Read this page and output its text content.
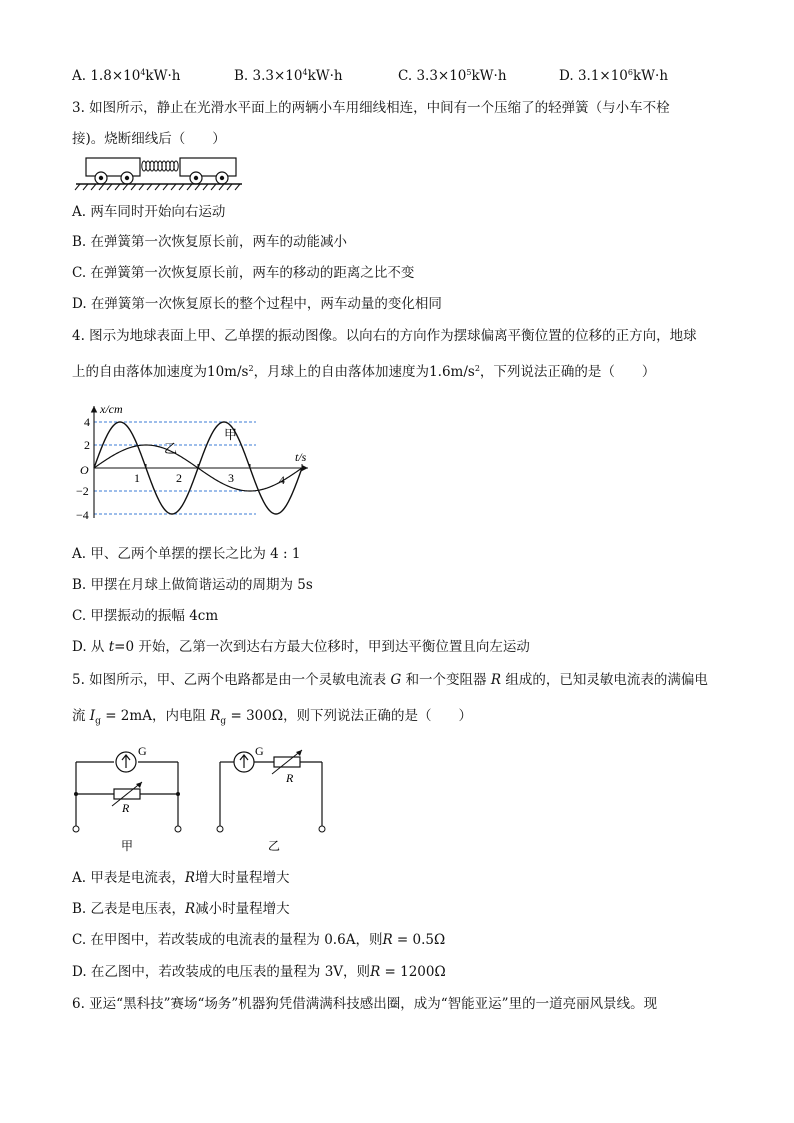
A. $1.8\times 10^4kW\cdot h$	B. $3.3\times 10^4kW\cdot h$	C. $3.3\times 10^5kW\cdot h$	D. $3.1\times 10^6kW\cdot h$
3. 如图所示，静止在光滑水平面上的两辆小车用细线相连，中间有一个压缩了的轻弹簧（与小车不栓
接)。烧断细线后（　　）
A. 两车同时开始向右运动
B. 在弹簧第一次恢复原长前，两车的动能减小
C. 在弹簧第一次恢复原长前，两车的移动的距离之比不变
D. 在弹簧第一次恢复原长的整个过程中，两车动量的变化相同
4. 图示为地球表面上甲、乙单摆的振动图像。以向右的方向作为摆球偏离平衡位置的位移的正方向，地球
上的自由落体加速度为$10m/s^2$，月球上的自由落体加速度为$1.6m/s^2$，下列说法正确的是（　　）
x/cm
t/s
O
4
2
−2
−4
1	2	3	4
甲
乙
A. 甲、乙两个单摆的摆长之比为 4 : 1
B. 甲摆在月球上做简谐运动的周期为 5s
C. 甲摆振动的振幅 4cm
D. 从 t=0 开始，乙第一次到达右方最大位移时，甲到达平衡位置且向左运动
5. 如图所示，甲、乙两个电路都是由一个灵敏电流表 G 和一个变阻器 R 组成的，已知灵敏电流表的满偏电
流 $I_g = 2mA$，内电阻 $R_g = 300\Omega$，则下列说法正确的是（　　）
G
R
甲
G
R
乙
A. 甲表是电流表，R增大时量程增大
B. 乙表是电压表，R减小时量程增大
C. 在甲图中，若改装成的电流表的量程为 0.6A，则R = 0.5Ω
D. 在乙图中，若改装成的电压表的量程为 3V，则R = 1200Ω
6. 亚运“黑科技”赛场“场务”机器狗凭借满满科技感出圈，成为“智能亚运”里的一道亮丽风景线。现
